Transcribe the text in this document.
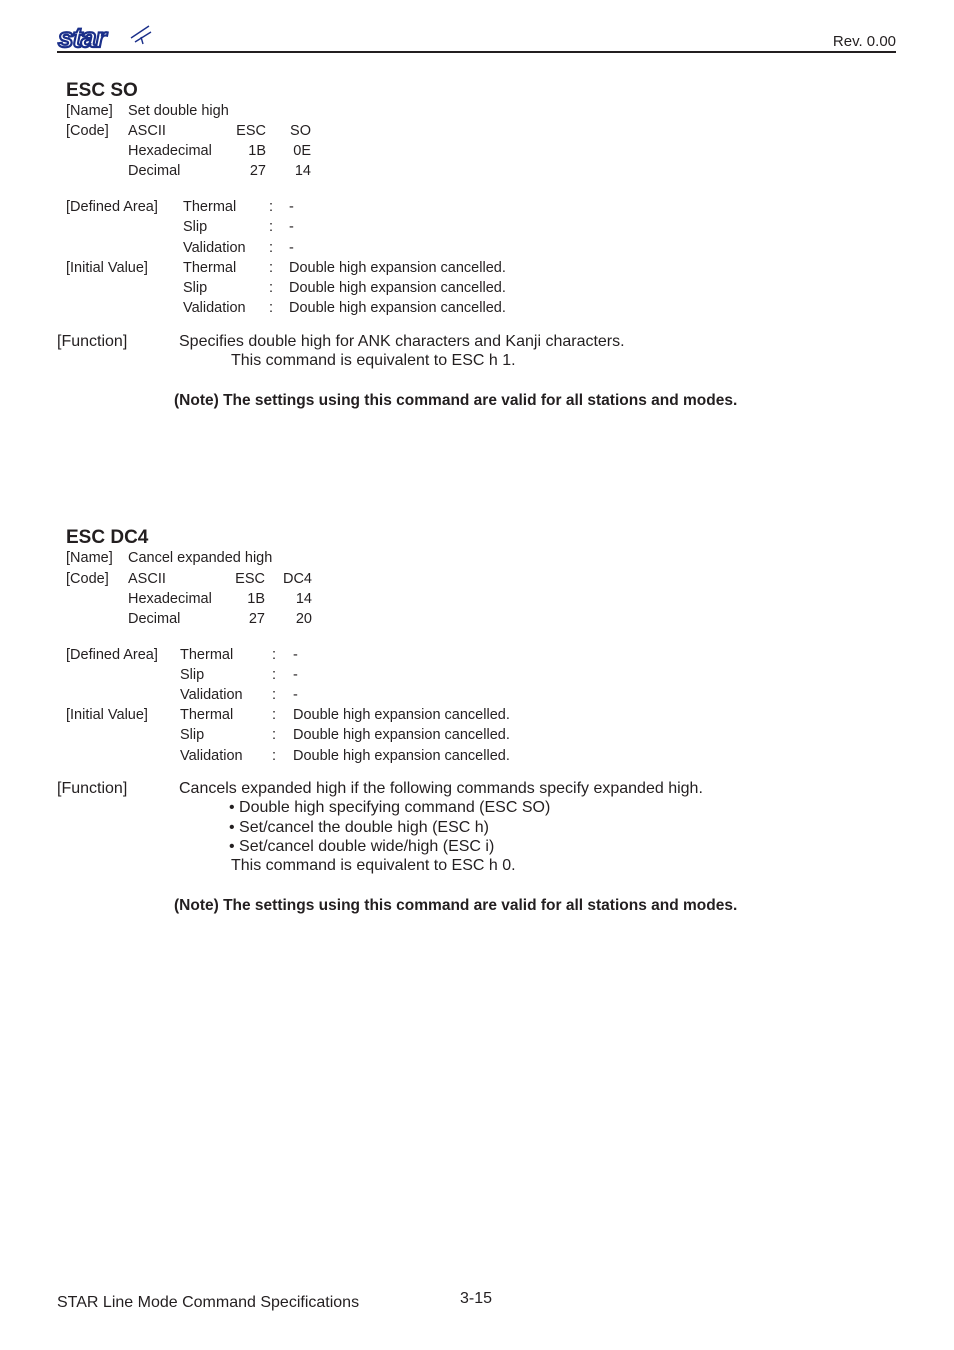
star	Rev. 0.00
ESC SO
[Name] Set double high
[Code] ASCII	ESC	SO
Hexadecimal	1B	0E
Decimal	27	14
[Defined Area] Thermal : -
Slip	: -
Validation : -
[Initial Value] Thermal : Double high expansion cancelled.
Slip	: Double high expansion cancelled.
Validation : Double high expansion cancelled.
[Function]	Specifies double high for ANK characters and Kanji characters.
This command is equivalent to ESC h 1.
(Note) The settings using this command are valid for all stations and modes.
ESC DC4
[Name] Cancel expanded high
[Code] ASCII	ESC	DC4
Hexadecimal	1B	14
Decimal	27	20
[Defined Area] Thermal	: -
Slip	: -
Validation : -
[Initial Value] Thermal	: Double high expansion cancelled.
Slip	: Double high expansion cancelled.
Validation : Double high expansion cancelled.
[Function]	Cancels expanded high if the following commands specify expanded high.
• Double high specifying command (ESC SO)
• Set/cancel the double high (ESC h)
• Set/cancel double wide/high (ESC i)
This command is equivalent to ESC h 0.
(Note) The settings using this command are valid for all stations and modes.
STAR Line Mode Command Specifications	3-15
